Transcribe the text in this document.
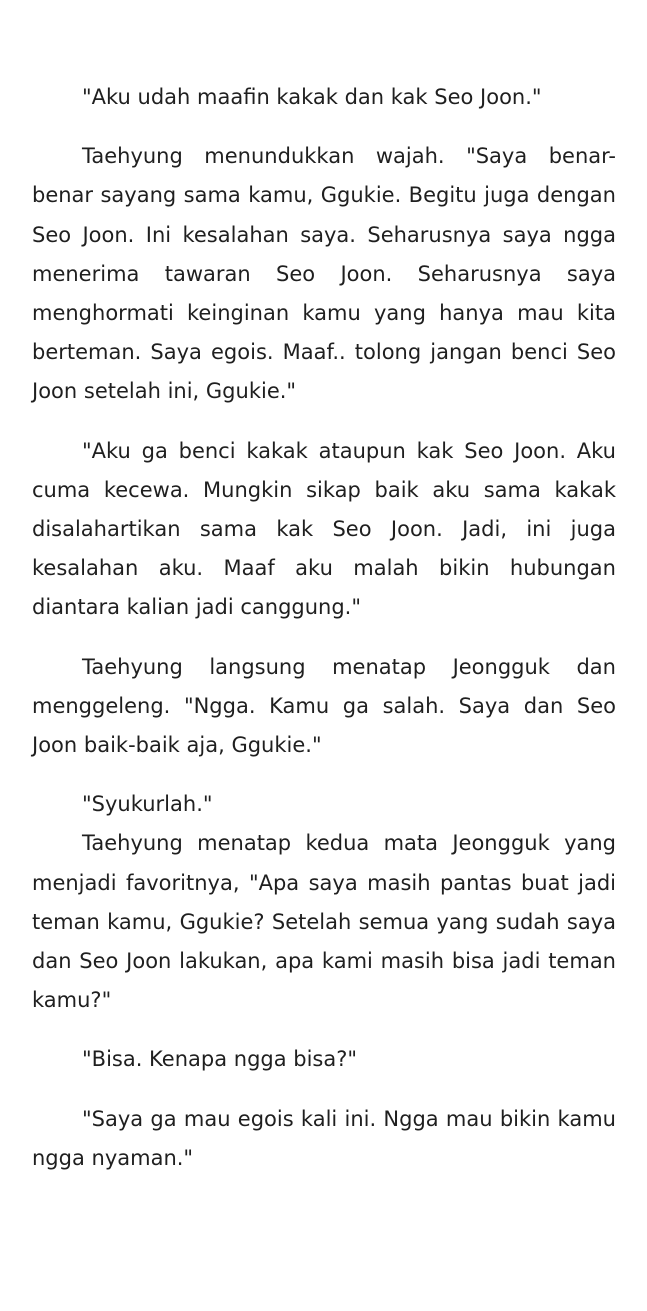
"Aku udah maafin kakak dan kak Seo Joon."

Taehyung menundukkan wajah. "Saya benar-benar sayang sama kamu, Ggukie. Begitu juga dengan Seo Joon. Ini kesalahan saya. Seharusnya saya ngga menerima tawaran Seo Joon. Seharusnya saya menghormati keinginan kamu yang hanya mau kita berteman. Saya egois. Maaf.. tolong jangan benci Seo Joon setelah ini, Ggukie."

"Aku ga benci kakak ataupun kak Seo Joon. Aku cuma kecewa. Mungkin sikap baik aku sama kakak disalahartikan sama kak Seo Joon. Jadi, ini juga kesalahan aku. Maaf aku malah bikin hubungan diantara kalian jadi canggung."

Taehyung langsung menatap Jeongguk dan menggeleng. "Ngga. Kamu ga salah. Saya dan Seo Joon baik-baik aja, Ggukie."

"Syukurlah."

Taehyung menatap kedua mata Jeongguk yang menjadi favoritnya, "Apa saya masih pantas buat jadi teman kamu, Ggukie? Setelah semua yang sudah saya dan Seo Joon lakukan, apa kami masih bisa jadi teman kamu?"

"Bisa. Kenapa ngga bisa?"

"Saya ga mau egois kali ini. Ngga mau bikin kamu ngga nyaman."
